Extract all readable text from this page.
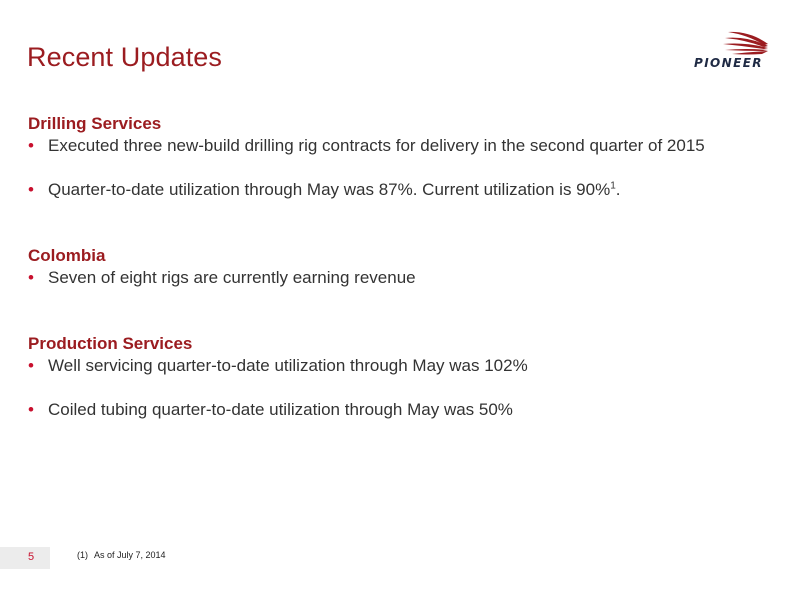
Recent Updates	PIONEER
Drilling Services
• Executed three new-build drilling rig contracts for delivery in the second quarter of 2015
• Quarter-to-date utilization through May was 87%. Current utilization is 90%$^1$.
Colombia
• Seven of eight rigs are currently earning revenue
Production Services
• Well servicing quarter-to-date utilization through May was 102%
• Coiled tubing quarter-to-date utilization through May was 50%
5	(1) As of July 7, 2014
